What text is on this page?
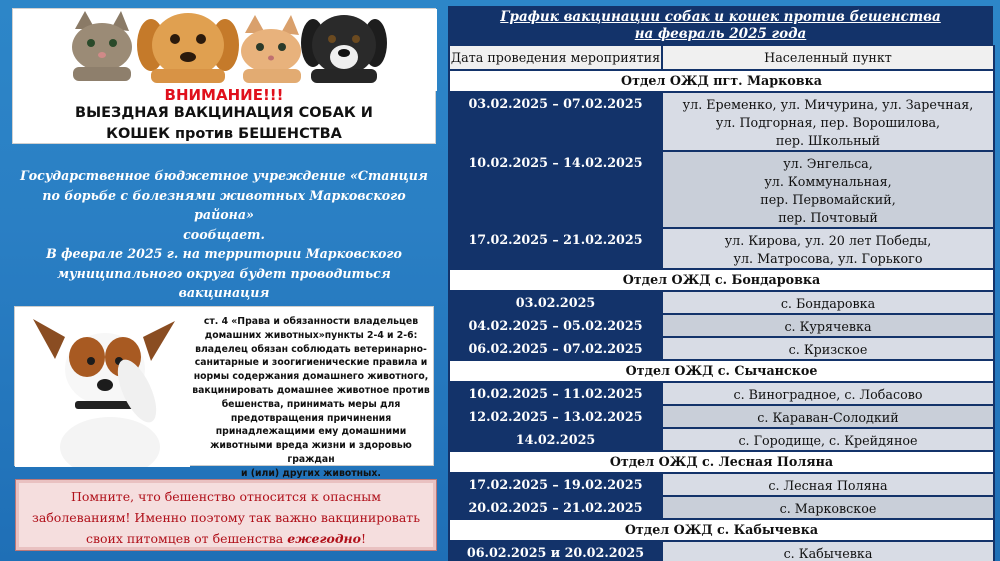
ВНИМАНИЕ!!!
ВЫЕЗДНАЯ ВАКЦИНАЦИЯ СОБАК И
КОШЕК против БЕШЕНСТВА
Государственное бюджетное учреждение «Станция
по борьбе с болезнями животных Марковского района»
сообщает.
В феврале 2025 г. на территории Марковского
муниципального округа будет проводиться вакцинация
ст. 4 «Права и обязанности владельцев
домашних животных»пункты 2-4 и 2-6:
владелец обязан соблюдать ветеринарно-
санитарные и зоогигиенические правила и
нормы содержания домашнего животного,
вакцинировать домашнее животное против
бешенства, принимать меры для
предотвращения причинения
принадлежащими ему домашними
животными вреда жизни и здоровью граждан
и (или) других животных.

Помните, что бешенство относится к опасным
заболеваниям! Именно поэтому так важно вакцинировать
своих питомцев от бешенства ежегодно!

График вакцинации собак и кошек против бешенства
на февраль 2025 года
Дата проведения мероприятия	Населенный пункт
Отдел ОЖД пгт. Марковка	
03.02.2025 – 07.02.2025	ул. Еременко, ул. Мичурина, ул. Заречная,
ул. Подгорная, пер. Ворошилова,
пер. Школьный

10.02.2025 – 14.02.2025	ул. Энгельса,
ул. Коммунальная,
пер. Первомайский,
пер. Почтовый

17.02.2025 – 21.02.2025	ул. Кирова, ул. 20 лет Победы,
ул. Матросова, ул. Горького

Отдел ОЖД с. Бондаровка	
03.02.2025	с. Бондаровка

04.02.2025 – 05.02.2025	с. Курячевка

06.02.2025 – 07.02.2025	с. Кризское

Отдел ОЖД с. Сычанское	
10.02.2025 – 11.02.2025	с. Виноградное, с. Лобасово

12.02.2025 – 13.02.2025	с. Караван-Солодкий

14.02.2025	с. Городище, с. Крейдяное

Отдел ОЖД с. Лесная Поляна	
17.02.2025 – 19.02.2025	с. Лесная Поляна

20.02.2025 – 21.02.2025	с. Марковское

Отдел ОЖД с. Кабычевка	
06.02.2025 и 20.02.2025	с. Кабычевка
